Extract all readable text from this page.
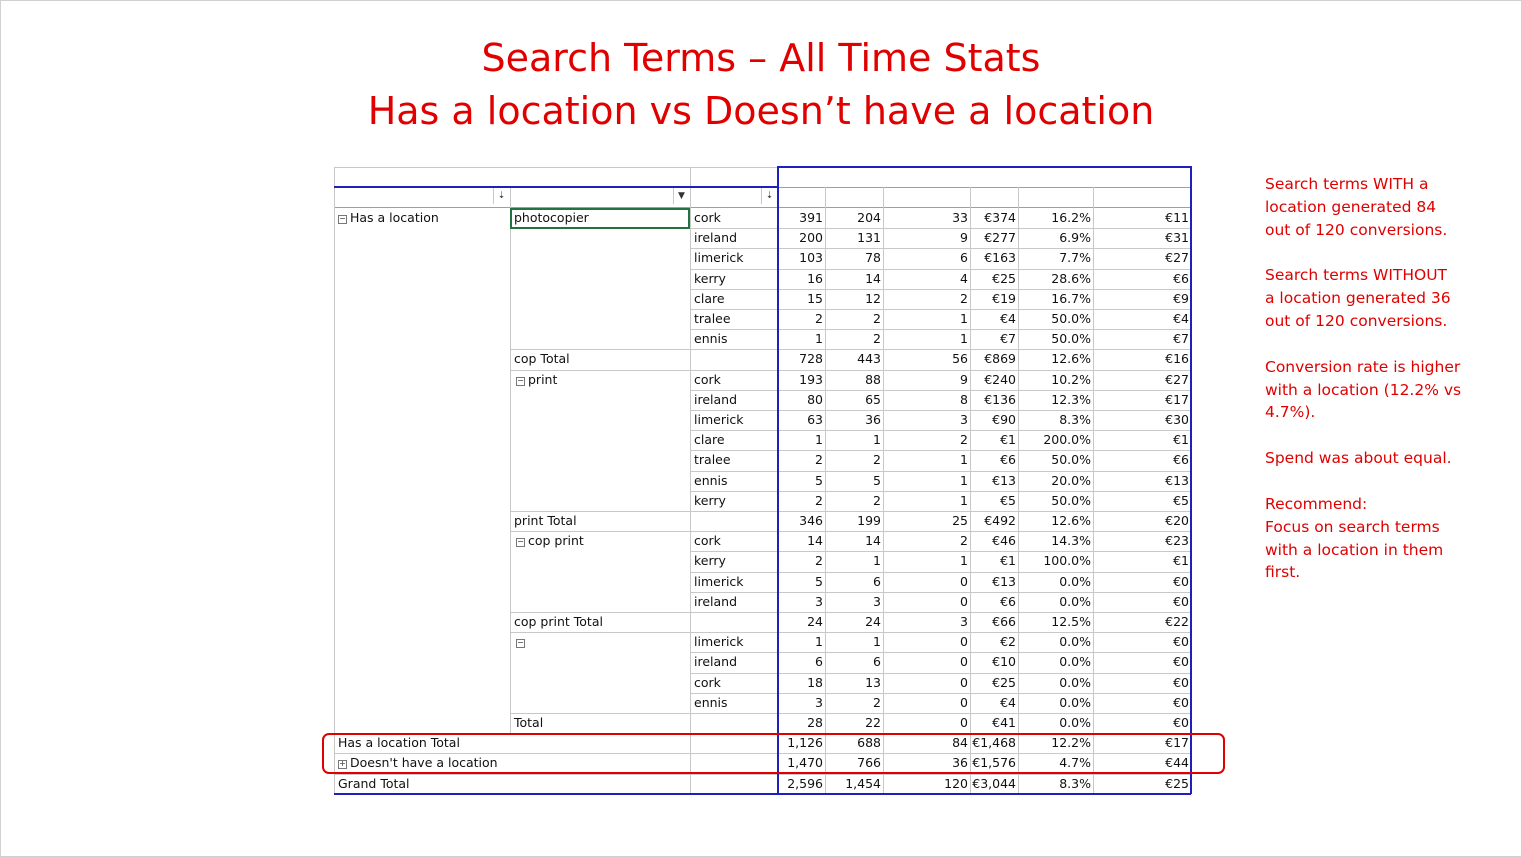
Search Terms – All Time Stats
Has a location vs Doesn’t have a location
⇣	▼	⇣
− Has a location	photocopier	cork	391	204	33	€374	16.2%	€11
ireland	200	131	9	€277	6.9%	€31
limerick	103	78	6	€163	7.7%	€27
kerry	16	14	4	€25	28.6%	€6
clare	15	12	2	€19	16.7%	€9
tralee	2	2	1	€4	50.0%	€4
ennis	1	2	1	€7	50.0%	€7
cop Total	728	443	56	€869	12.6%	€16
− print	cork	193	88	9	€240	10.2%	€27
ireland	80	65	8	€136	12.3%	€17
limerick	63	36	3	€90	8.3%	€30
clare	1	1	2	€1	200.0%	€1
tralee	2	2	1	€6	50.0%	€6
ennis	5	5	1	€13	20.0%	€13
kerry	2	2	1	€5	50.0%	€5
print Total	346	199	25	€492	12.6%	€20
− cop print	cork	14	14	2	€46	14.3%	€23
kerry	2	1	1	€1	100.0%	€1
limerick	5	6	0	€13	0.0%	€0
ireland	3	3	0	€6	0.0%	€0
cop print Total	24	24	3	€66	12.5%	€22
−	limerick	1	1	0	€2	0.0%	€0
ireland	6	6	0	€10	0.0%	€0
cork	18	13	0	€25	0.0%	€0
ennis	3	2	0	€4	0.0%	€0
Total	28	22	0	€41	0.0%	€0
Has a location Total	1,126	688	84 €1,468	12.2%	€17
+ Doesn't have a location	1,470	766	36 €1,576	4.7%	€44
Grand Total	2,596	1,454	120 €3,044	8.3%	€25
Search terms WITH a
location generated 84
out of 120 conversions.
Search terms WITHOUT
a location generated 36
out of 120 conversions.
Conversion rate is higher
with a location (12.2% vs
4.7%).
Spend was about equal.
Recommend:
Focus on search terms
with a location in them
first.
